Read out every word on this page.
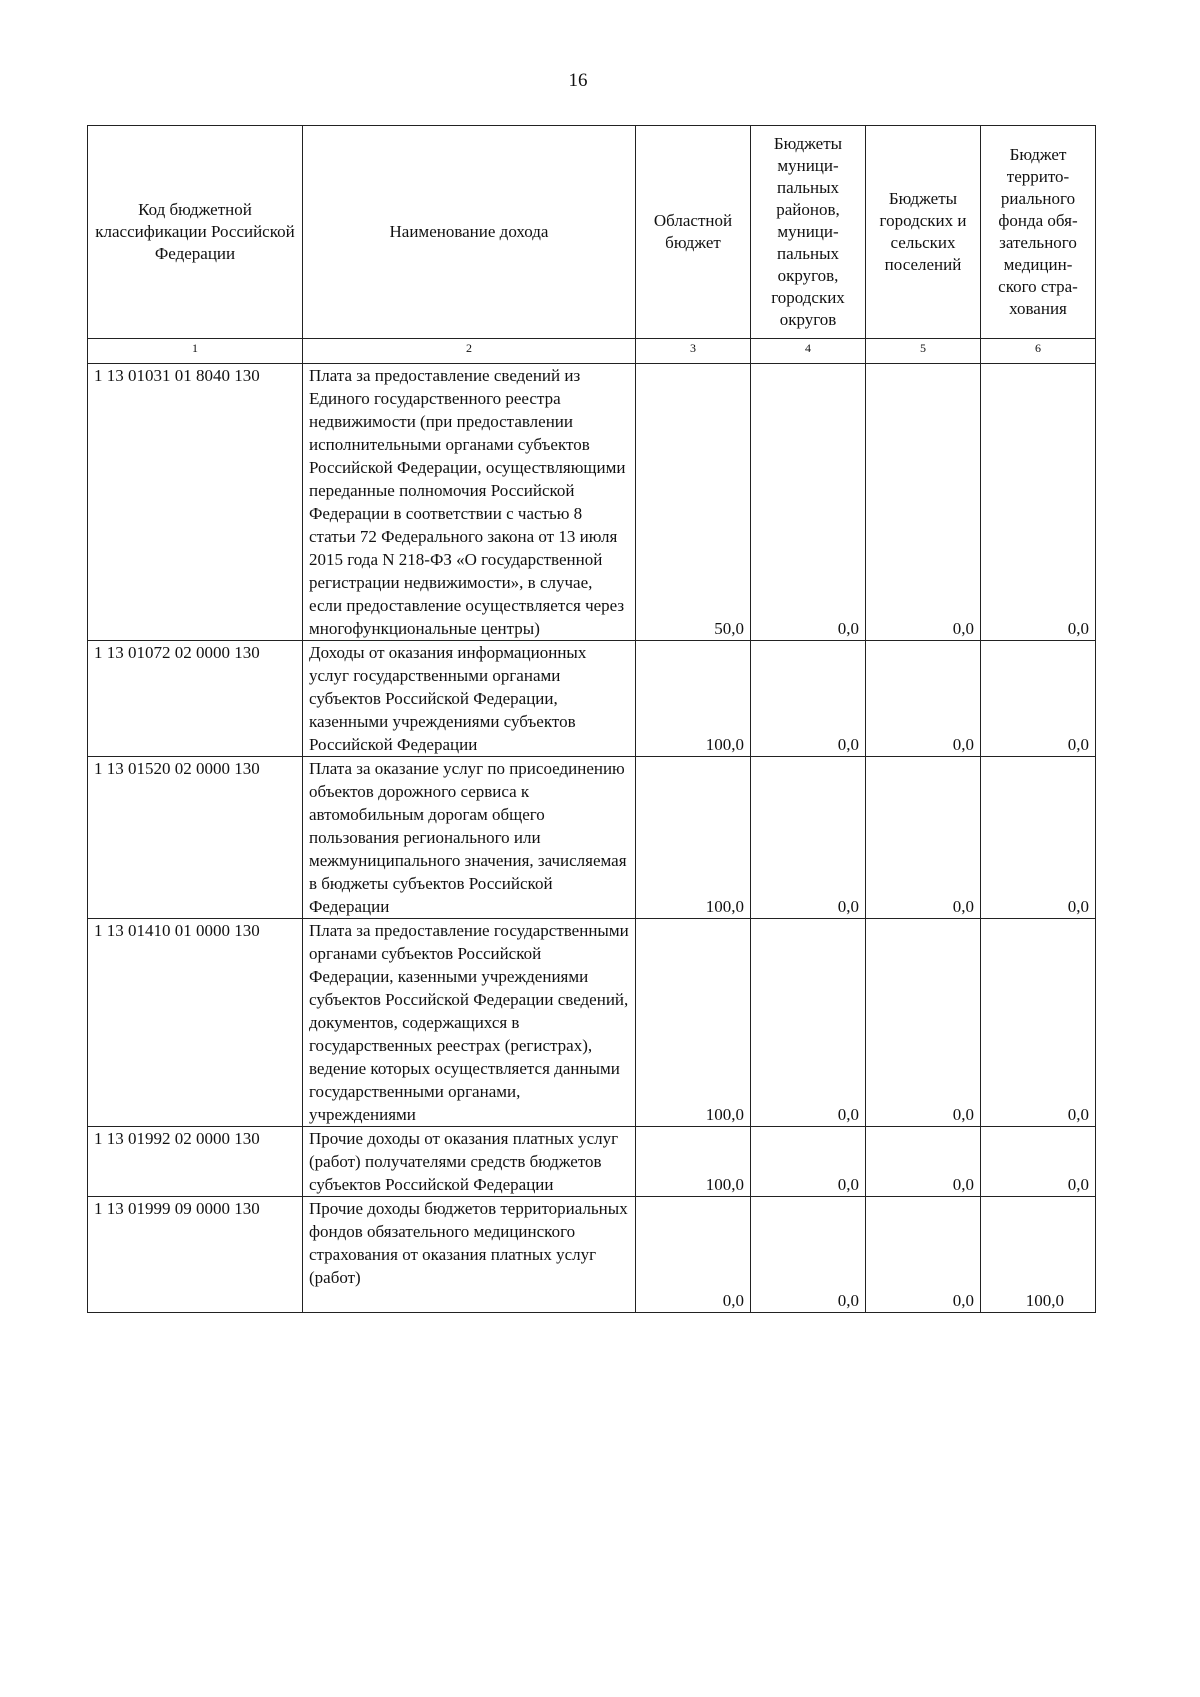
16
Код бюджетной классификации Российской Федерации	Наименование дохода	Областной бюджет	Бюджеты муници-пальных районов, муници-пальных округов, городских округов	Бюджеты городских и сельских поселений	Бюджет террито-риального фонда обя-зательного медицин-ского стра-хования
1	2	3	4	5	6
1 13 01031 01 8040 130	Плата за предоставление сведений из Единого государственного реестра недвижимости (при предоставлении исполнительными органами субъектов Российской Федерации, осуществляющими переданные полномочия Российской Федерации в соответствии с частью 8 статьи 72 Федерального закона от 13 июля 2015 года N 218-ФЗ «О государственной регистрации недвижимости», в случае, если предоставление осуществляется через многофункциональные центры)	50,0	0,0	0,0	0,0
1 13 01072 02 0000 130	Доходы от оказания информационных услуг государственными органами субъектов Российской Федерации, казенными учреждениями субъектов Российской Федерации	100,0	0,0	0,0	0,0
1 13 01520 02 0000 130	Плата за оказание услуг по присоединению объектов дорожного сервиса к автомобильным дорогам общего пользования регионального или межмуниципального значения, зачисляемая в бюджеты субъектов Российской Федерации	100,0	0,0	0,0	0,0
1 13 01410 01 0000 130	Плата за предоставление государственными органами субъектов Российской Федерации, казенными учреждениями субъектов Российской Федерации сведений, документов, содержащихся в государственных реестрах (регистрах), ведение которых осуществляется данными государственными органами, учреждениями	100,0	0,0	0,0	0,0
1 13 01992 02 0000 130	Прочие доходы от оказания платных услуг (работ) получателями средств бюджетов субъектов Российской Федерации	100,0	0,0	0,0	0,0
1 13 01999 09 0000 130	Прочие доходы бюджетов территориальных фондов обязательного медицинского страхования от оказания платных услуг (работ)	0,0	0,0	0,0	100,0
